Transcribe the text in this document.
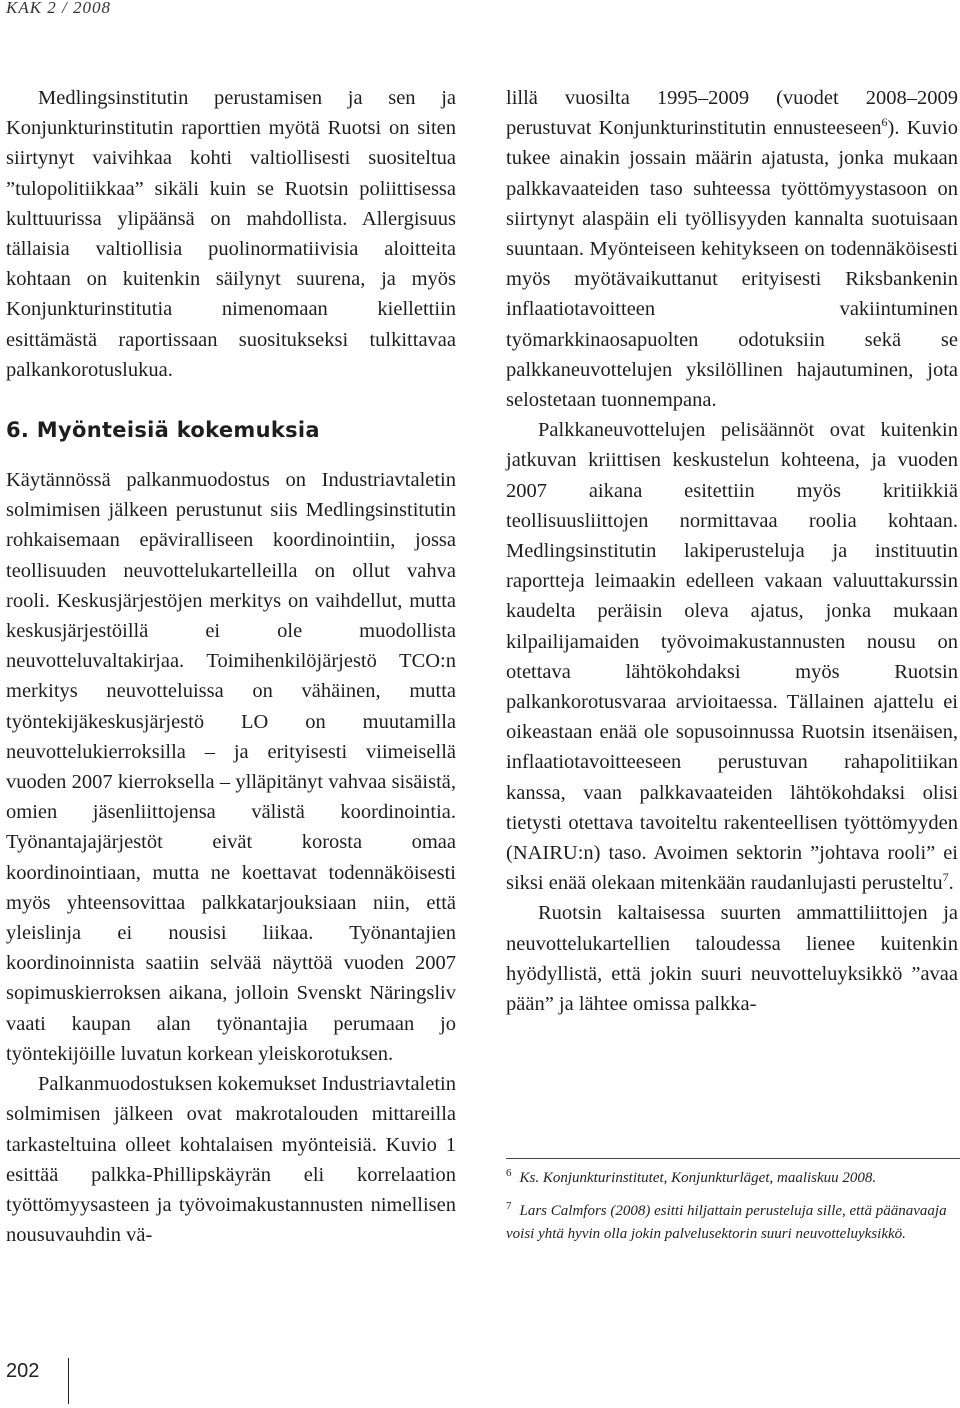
KAK 2 / 2008

Medlingsinstitutin perustamisen ja sen ja Konjunkturinstitutin raporttien myötä Ruotsi on siten siirtynyt vaivihkaa kohti valtiollisesti suositeltua ”tulopolitiikkaa” sikäli kuin se Ruotsin poliittisessa kulttuurissa ylipäänsä on mahdollista. Allergisuus tällaisia valtiollisia puolinormatiivisia aloitteita kohtaan on kuitenkin säilynyt suurena, ja myös Konjunkturinstitutia nimenomaan kiellettiin esittämästä raportissaan suositukseksi tulkittavaa palkankorotuslukua.

6. Myönteisiä kokemuksia

Käytännössä palkanmuodostus on Industriavtaletin solmimisen jälkeen perustunut siis Medlingsinstitutin rohkaisemaan epäviralliseen koordinointiin, jossa teollisuuden neuvottelukartelleilla on ollut vahva rooli. Keskusjärjestöjen merkitys on vaihdellut, mutta keskusjärjestöillä ei ole muodollista neuvotteluvaltakirjaa. Toimihenkilöjärjestö TCO:n merkitys neuvotteluissa on vähäinen, mutta työntekijäkeskusjärjestö LO on muutamilla neuvottelukierroksilla – ja erityisesti viimeisellä vuoden 2007 kierroksella – ylläpitänyt vahvaa sisäistä, omien jäsenliittojensa välistä koordinointia. Työnantajajärjestöt eivät korosta omaa koordinointiaan, mutta ne koettavat todennäköisesti myös yhteensovittaa palkkatarjouksiaan niin, että yleislinja ei nousisi liikaa. Työnantajien koordinoinnista saatiin selvää näyttöä vuoden 2007 sopimuskierroksen aikana, jolloin Svenskt Näringsliv vaati kaupan alan työnantajia perumaan jo työntekijöille luvatun korkean yleiskorotuksen.

Palkanmuodostuksen kokemukset Industriavtaletin solmimisen jälkeen ovat makrotalouden mittareilla tarkasteltuina olleet kohtalaisen myönteisiä. Kuvio 1 esittää palkka-Phillipskäyrän eli korrelaation työttömyysasteen ja työvoimakustannusten nimellisen nousuvauhdin vä-

lillä vuosilta 1995–2009 (vuodet 2008–2009 perustuvat Konjunkturinstitutin ennusteeseen$^6$). Kuvio tukee ainakin jossain määrin ajatusta, jonka mukaan palkkavaateiden taso suhteessa työttömyystasoon on siirtynyt alaspäin eli työllisyyden kannalta suotuisaan suuntaan. Myönteiseen kehitykseen on todennäköisesti myös myötävaikuttanut erityisesti Riksbankenin inflaatiotavoitteen vakiintuminen työmarkkinaosapuolten odotuksiin sekä se palkkaneuvottelujen yksilöllinen hajautuminen, jota selostetaan tuonnempana.

Palkkaneuvottelujen pelisäännöt ovat kuitenkin jatkuvan kriittisen keskustelun kohteena, ja vuoden 2007 aikana esitettiin myös kritiikkiä teollisuusliittojen normittavaa roolia kohtaan. Medlingsinstitutin lakiperusteluja ja instituutin raportteja leimaakin edelleen vakaan valuuttakurssin kaudelta peräisin oleva ajatus, jonka mukaan kilpailijamaiden työvoimakustannusten nousu on otettava lähtökohdaksi myös Ruotsin palkankorotusvaraa arvioitaessa. Tällainen ajattelu ei oikeastaan enää ole sopusoinnussa Ruotsin itsenäisen, inflaatiotavoitteeseen perustuvan rahapolitiikan kanssa, vaan palkkavaateiden lähtökohdaksi olisi tietysti otettava tavoiteltu rakenteellisen työttömyyden (NAIRU:n) taso. Avoimen sektorin ”johtava rooli” ei siksi enää olekaan mitenkään raudanlujasti perusteltu$^7$.

Ruotsin kaltaisessa suurten ammattiliittojen ja neuvottelukartellien taloudessa lienee kuitenkin hyödyllistä, että jokin suuri neuvotteluyksikkö ”avaa pään” ja lähtee omissa palkka-

$^6$ Ks. Konjunkturinstitutet, Konjunkturläget, maaliskuu 2008.

$^7$ Lars Calmfors (2008) esitti hiljattain perusteluja sille, että päänavaaja voisi yhtä hyvin olla jokin palvelusektorin suuri neuvotteluyksikkö.

202
